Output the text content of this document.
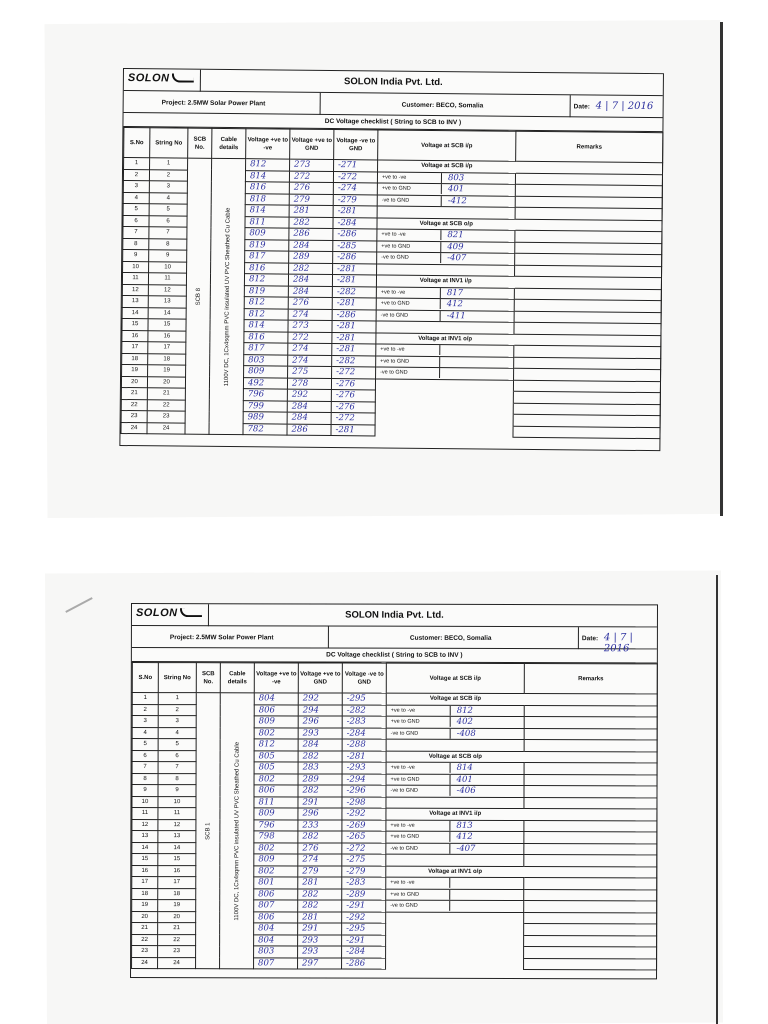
SOLON	SOLON India Pvt. Ltd.
Project: 2.5MW Solar Power Plant	Customer: BECO, Somalia	Date: 4 | 7 | 2016
DC Voltage checklist ( String to SCB to INV )
S.No	String No	SCB No.	Cable details	Voltage +ve to -ve	Voltage +ve to GND	Voltage -ve to GND	Voltage at SCB i/p	Remarks
1	1	SCB 8	1100V DC, 1Cx4sqmm PVC insulated UV PVC Sheathed Cu Cable	812	273	-271	Voltage at SCB i/p	
2	2			814	272	-272	+ve to -ve 803	

3	3			816	276	-274	+ve to GND 401	

4	4			818	279	-279	-ve to GND -412	

5	5			814	281	-281		
6	6			811	282	-284	Voltage at SCB o/p	
7	7			809	286	-286	+ve to -ve 821	

8	8			819	284	-285	+ve to GND 409	

9	9			817	289	-286	-ve to GND -407	

10	10			816	282	-281		
11	11			812	284	-281	Voltage at INV1 i/p	
12	12			819	284	-282	+ve to -ve 817	

13	13			812	276	-281	+ve to GND 412	

14	14			812	274	-286	-ve to GND -411	

15	15			814	273	-281		
16	16			816	272	-281	Voltage at INV1 o/p	
17	17			817	274	-281	+ve to -ve	

18	18			803	274	-282	+ve to GND	

19	19			809	275	-272	-ve to GND	

20	20			492	278	-276		
21	21			796	292	-276		
22	22			799	284	-276		
23	23			989	284	-272		
24	24			782	286	-281		
SOLON	SOLON India Pvt. Ltd.
Project: 2.5MW Solar Power Plant	Customer: BECO, Somalia	Date: 4 | 7 | 2016
DC Voltage checklist ( String to SCB to INV )
S.No	String No	SCB No.	Cable details	Voltage +ve to -ve	Voltage +ve to GND	Voltage -ve to GND	Voltage at SCB i/p	Remarks
1	1	SCB 1	1100V DC, 1Cx4sqmm PVC insulated UV PVC Sheathed Cu Cable	804	292	-295	Voltage at SCB i/p	
2	2			806	294	-282	+ve to -ve 812	

3	3			809	296	-283	+ve to GND 402	

4	4			802	293	-284	-ve to GND -408	

5	5			812	284	-288		
6	6			805	282	-281	Voltage at SCB o/p	
7	7			805	283	-293	+ve to -ve 814	

8	8			802	289	-294	+ve to GND 401	

9	9			806	282	-296	-ve to GND -406	

10	10			811	291	-298		
11	11			809	296	-292	Voltage at INV1 i/p	
12	12			796	233	-269	+ve to -ve 813	

13	13			798	282	-265	+ve to GND 412	

14	14			802	276	-272	-ve to GND -407	

15	15			809	274	-275		
16	16			802	279	-279	Voltage at INV1 o/p	
17	17			801	281	-283	+ve to -ve	

18	18			806	282	-289	+ve to GND	

19	19			807	282	-291	-ve to GND	

20	20			806	281	-292		
21	21			804	291	-295		
22	22			804	293	-291		
23	23			803	293	-284		
24	24			807	297	-286		
